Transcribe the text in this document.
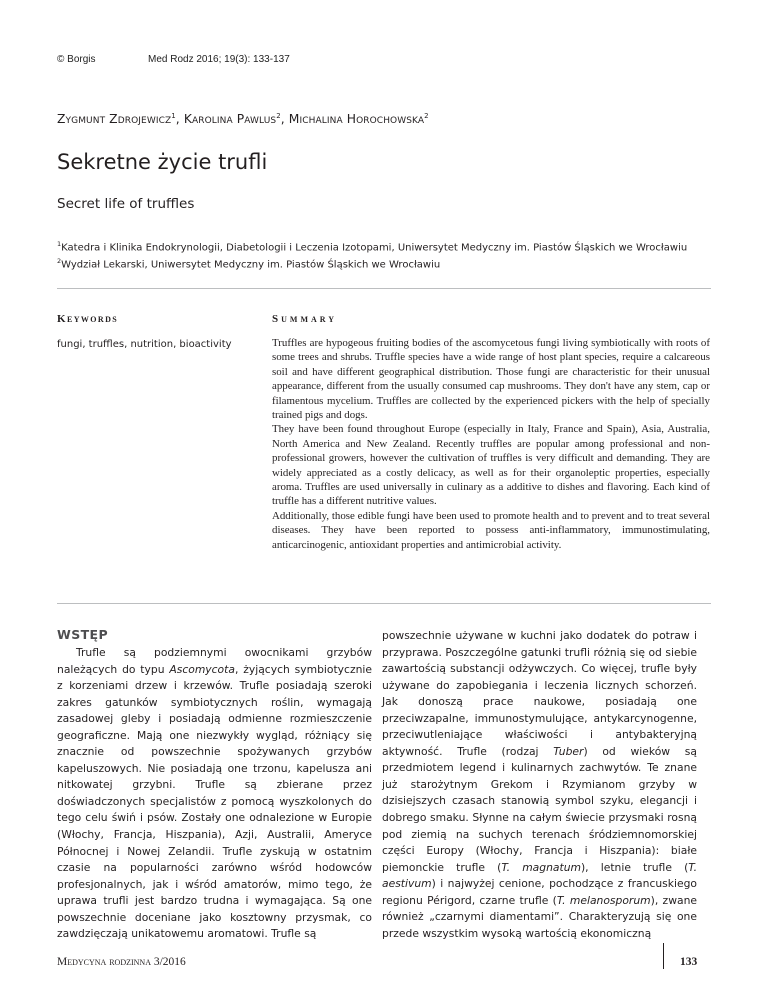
© Borgis	Med Rodz 2016; 19(3): 133-137
Zygmunt Zdrojewicz$^1$, Karolina Pawlus$^2$, Michalina Horochowska$^2$
Sekretne życie trufli
Secret life of truffles
$^1$Katedra i Klinika Endokrynologii, Diabetologii i Leczenia Izotopami, Uniwersytet Medyczny im. Piastów Śląskich we Wrocławiu
$^2$Wydział Lekarski, Uniwersytet Medyczny im. Piastów Śląskich we Wrocławiu
Keywords	Summary
fungi, truffles, nutrition, bioactivity	Truffles are hypogeous fruiting bodies of the ascomycetous fungi living symbiotically with roots of some trees and shrubs. Truffle species have a wide range of host plant species, require a calcareous soil and have different geographical distribution. Those fungi are characteristic for their unusual appearance, different from the usually consumed cap mushrooms. They don't have any stem, cap or filamentous mycelium. Truffles are collected by the experienced pickers with the help of specially trained pigs and dogs.

They have been found throughout Europe (especially in Italy, France and Spain), Asia, Australia, North America and New Zealand. Recently truffles are popular among professional and non-professional growers, however the cultivation of truffles is very difficult and demanding. They are widely appreciated as a costly delicacy, as well as for their organoleptic properties, especially aroma. Truffles are used universally in culinary as a additive to dishes and flavoring. Each kind of truffle has a different nutritive values.

Additionally, those edible fungi have been used to promote health and to prevent and to treat several diseases. They have been reported to possess anti-inflammatory, immunostimulating, anticarcinogenic, antioxidant properties and antimicrobial activity.

WSTĘP

Trufle są podziemnymi owocnikami grzybów należących do typu Ascomycota, żyjących symbiotycznie z korzeniami drzew i krzewów. Trufle posiadają szeroki zakres gatunków symbiotycznych roślin, wymagają zasadowej gleby i posiadają odmienne rozmieszczenie geograficzne. Mają one niezwykły wygląd, różniący się znacznie od powszechnie spożywanych grzybów kapeluszowych. Nie posiadają one trzonu, kapelusza ani nitkowatej grzybni. Trufle są zbierane przez doświadczonych specjalistów z pomocą wyszkolonych do tego celu świń i psów. Zostały one odnalezione w Europie (Włochy, Francja, Hiszpania), Azji, Australii, Ameryce Północnej i Nowej Zelandii. Trufle zyskują w ostatnim czasie na popularności zarówno wśród hodowców profesjonalnych, jak i wśród amatorów, mimo tego, że uprawa trufli jest bardzo trudna i wymagająca. Są one powszechnie doceniane jako kosztowny przysmak, co zawdzięczają unikatowemu aromatowi. Trufle są

powszechnie używane w kuchni jako dodatek do potraw i przyprawa. Poszczególne gatunki trufli różnią się od siebie zawartością substancji odżywczych. Co więcej, trufle były używane do zapobiegania i leczenia licznych schorzeń. Jak donoszą prace naukowe, posiadają one przeciwzapalne, immunostymulujące, antykarcynogenne, przeciwutleniające właściwości i antybakteryjną aktywność. Trufle (rodzaj Tuber) od wieków są przedmiotem legend i kulinarnych zachwytów. Te znane już starożytnym Grekom i Rzymianom grzyby w dzisiejszych czasach stanowią symbol szyku, elegancji i dobrego smaku. Słynne na całym świecie przysmaki rosną pod ziemią na suchych terenach śródziemnomorskiej części Europy (Włochy, Francja i Hiszpania): białe piemonckie trufle (T. magnatum), letnie trufle (T. aestivum) i najwyżej cenione, pochodzące z francuskiego regionu Périgord, czarne trufle (T. melanosporum), zwane również „czarnymi diamentami”. Charakteryzują się one przede wszystkim wysoką wartością ekonomiczną

Medycyna rodzinna 3/2016	133
